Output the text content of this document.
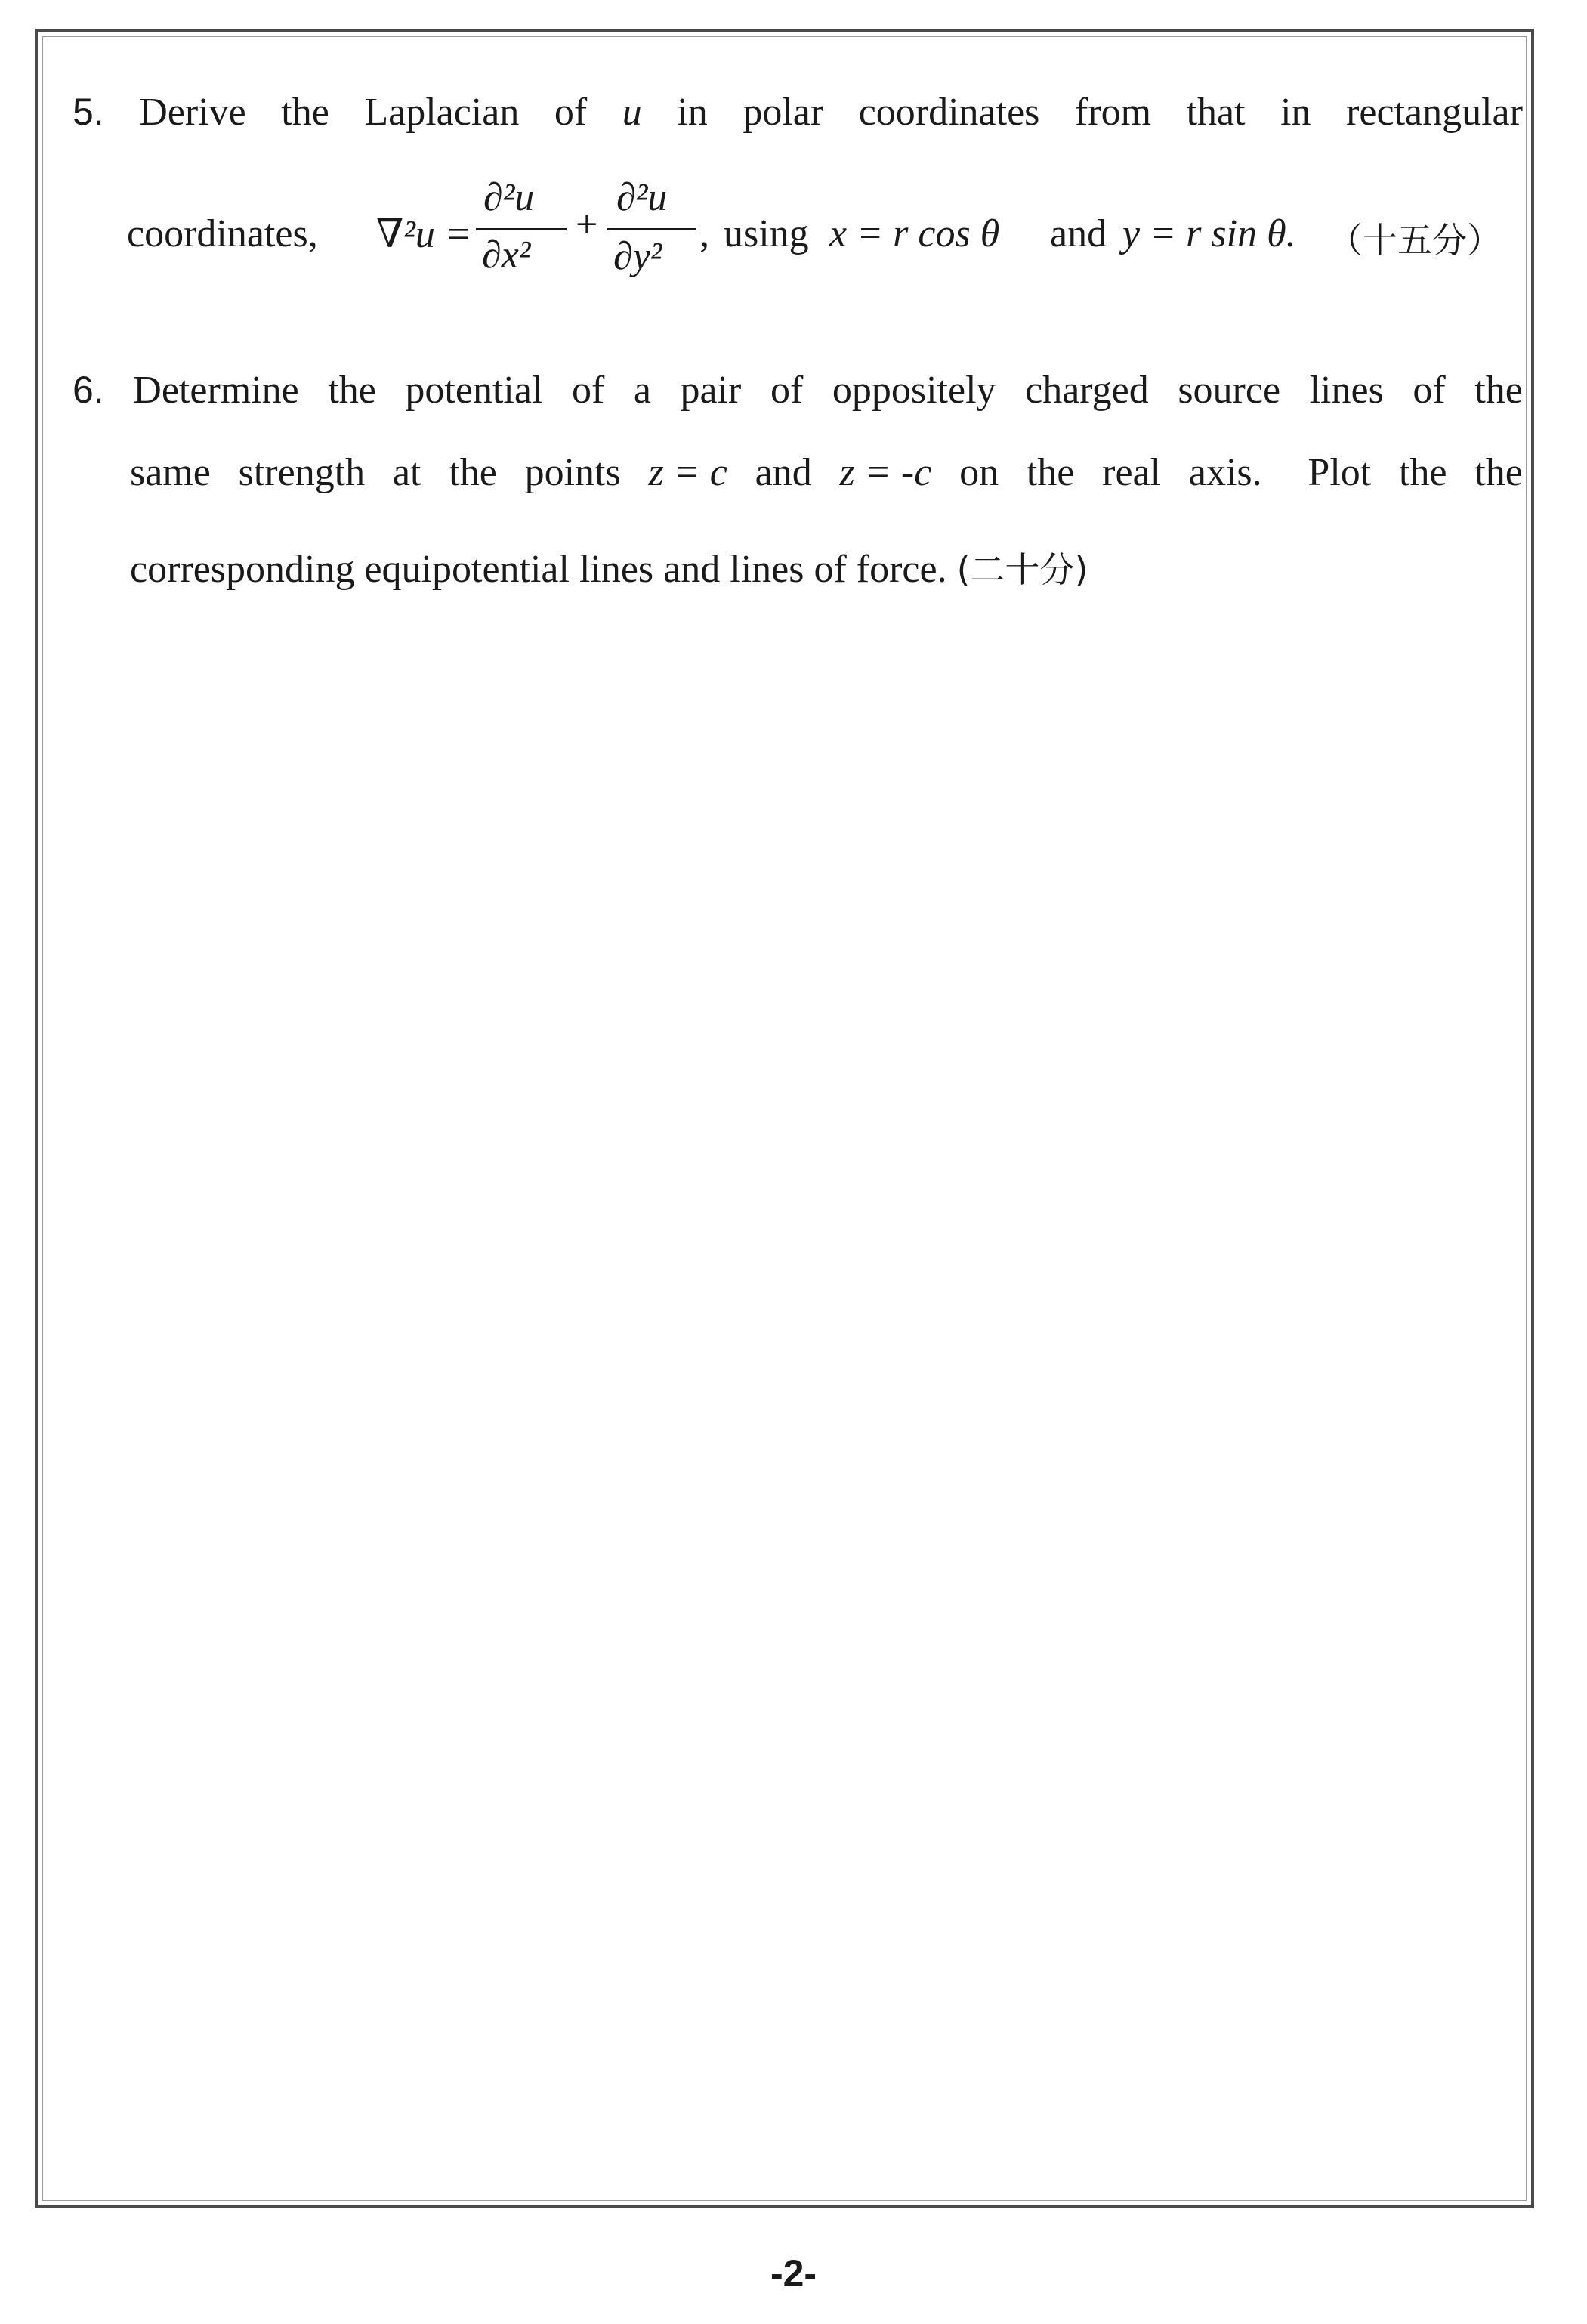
5. Derive the Laplacian of u in polar coordinates from that in rectangular
coordinates, ∇²u =
∂²u
∂x²
+
∂²u
∂y²
, using x = r cos θ and y = r sin θ. （十五分）
6. Determine the potential of a pair of oppositely charged source lines of the
same strength at the points z = c and z = -c on the real axis. Plot the the
corresponding equipotential lines and lines of force. (二十分)
-2-
